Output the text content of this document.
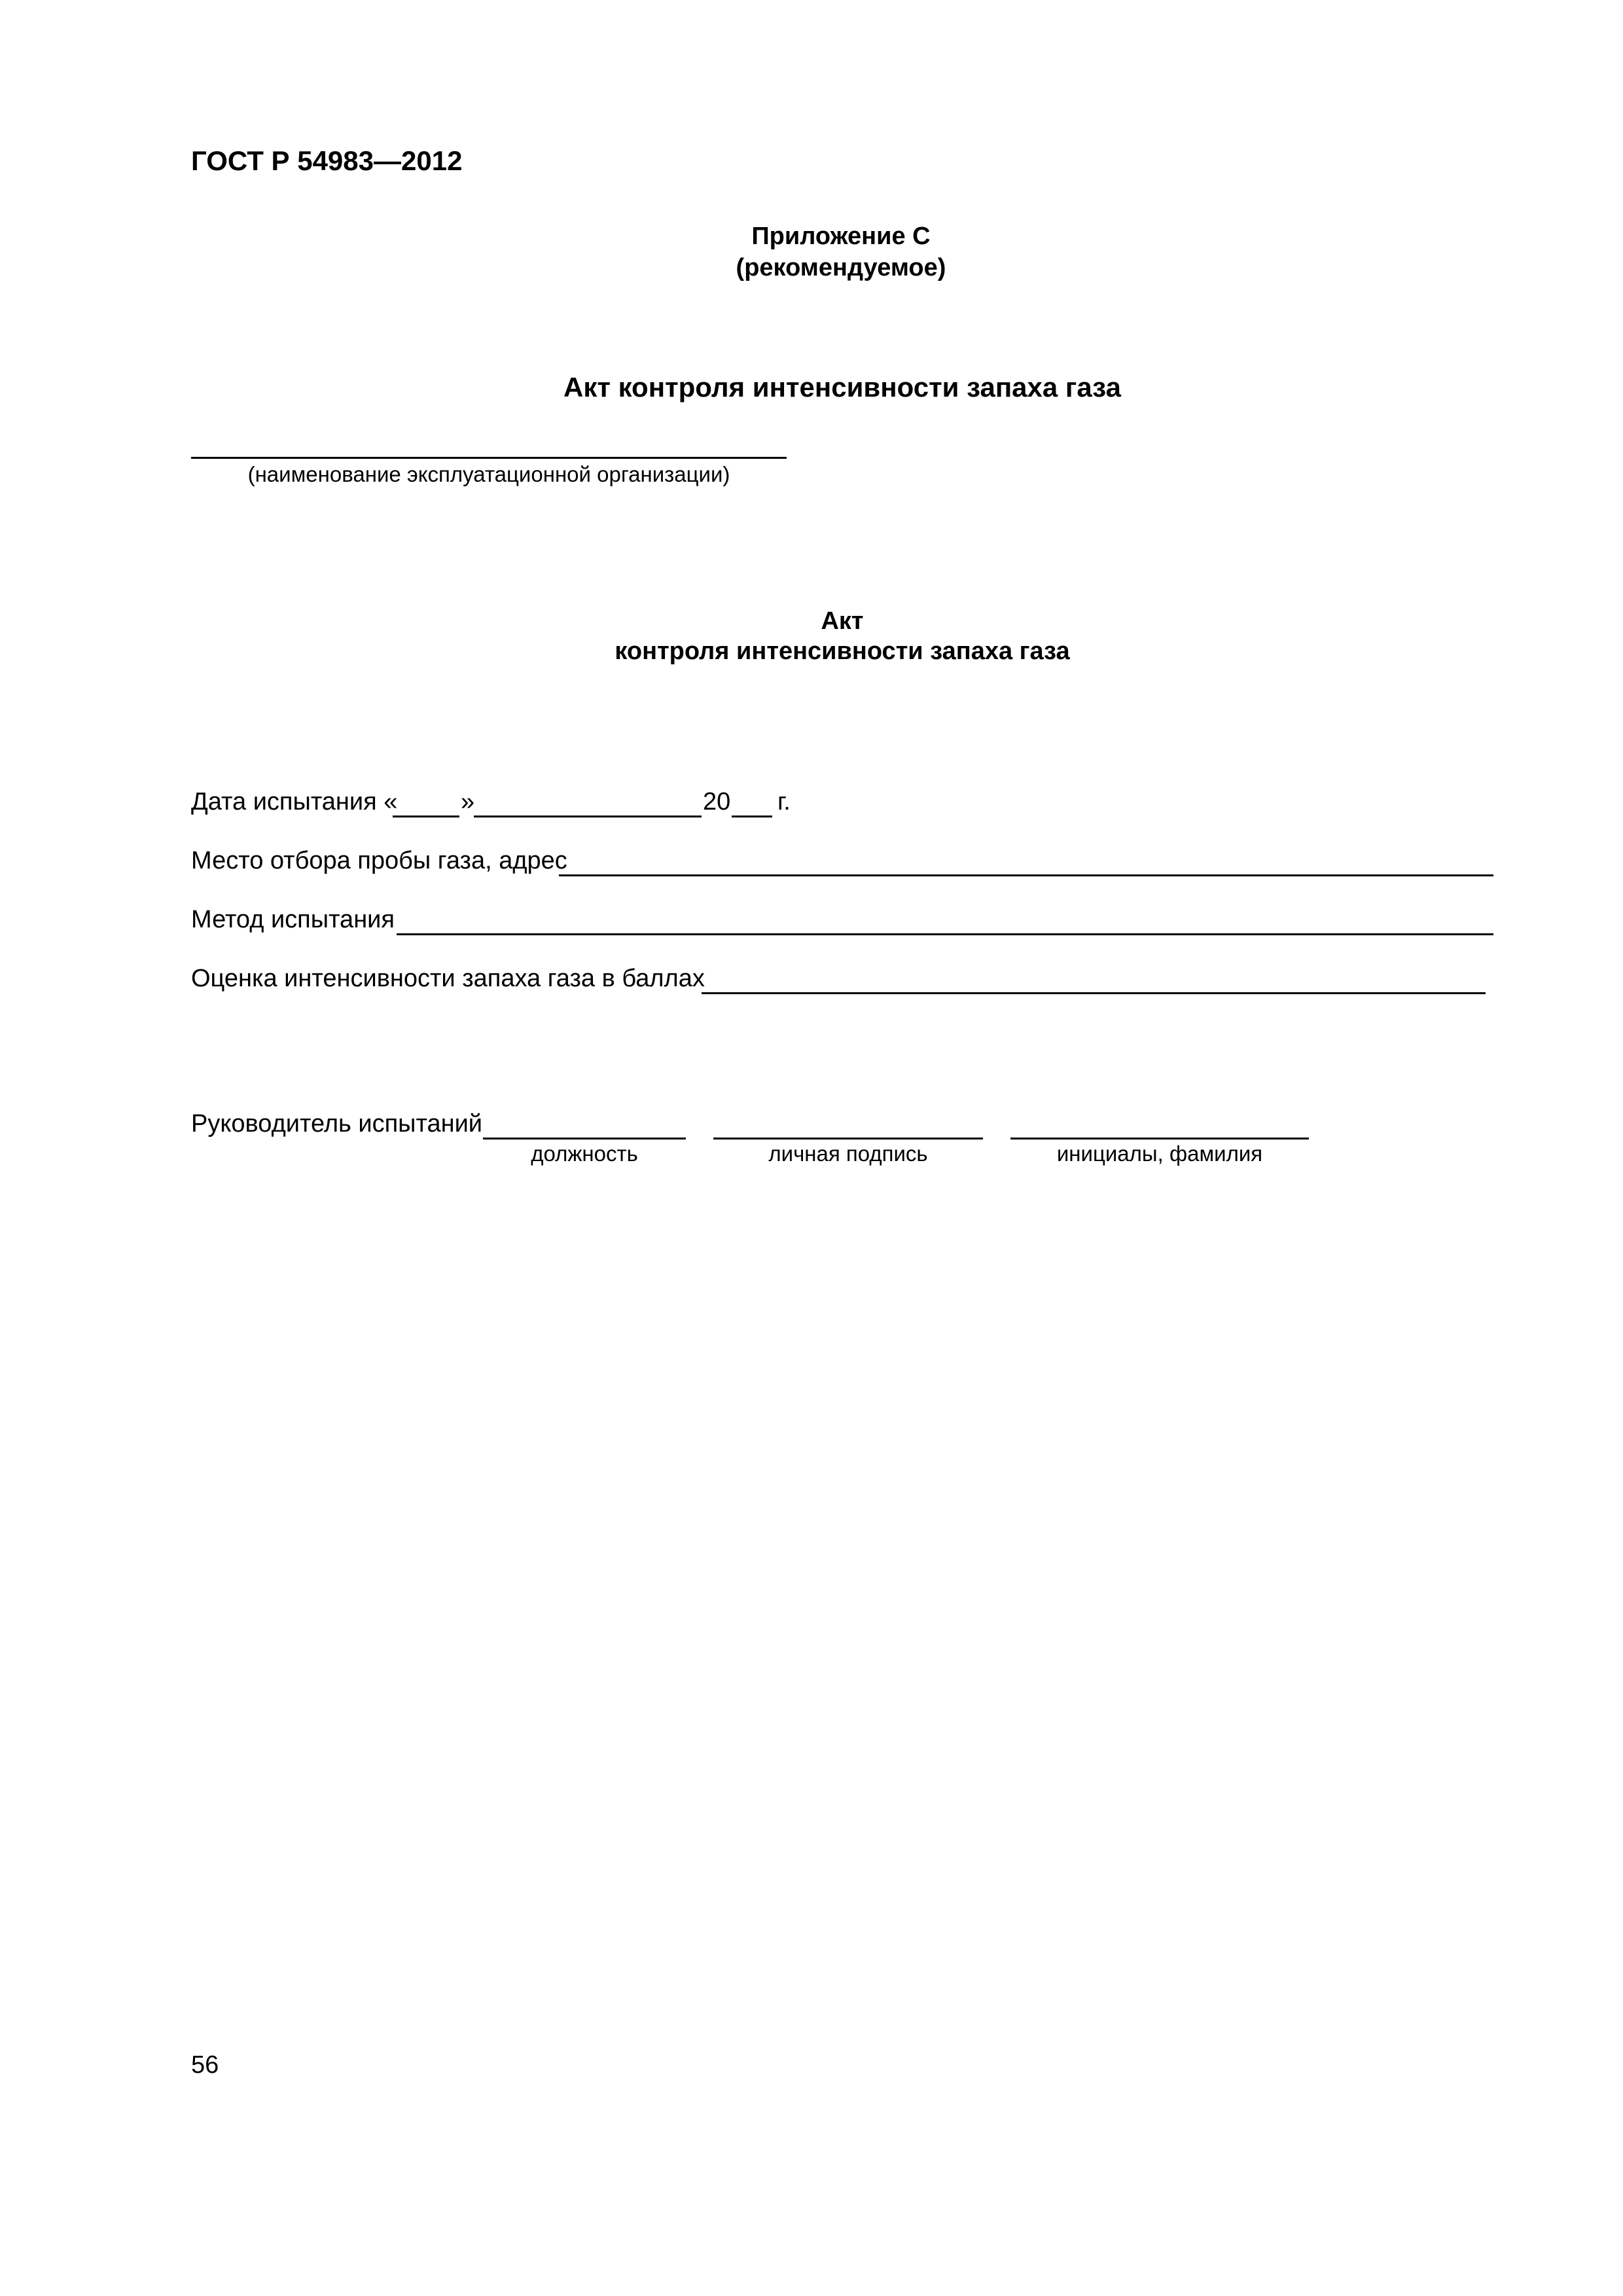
ГОСТ Р 54983—2012
Приложение С
(рекомендуемое)
Акт контроля интенсивности запаха газа
(наименование эксплуатационной организации)
Акт
контроля интенсивности запаха газа
Дата испытания «	»	20 г.
Место отбора пробы газа, адрес
Метод испытания
Оценка интенсивности запаха газа в баллах
Руководитель испытаний
должность	личная подпись	инициалы, фамилия
56
